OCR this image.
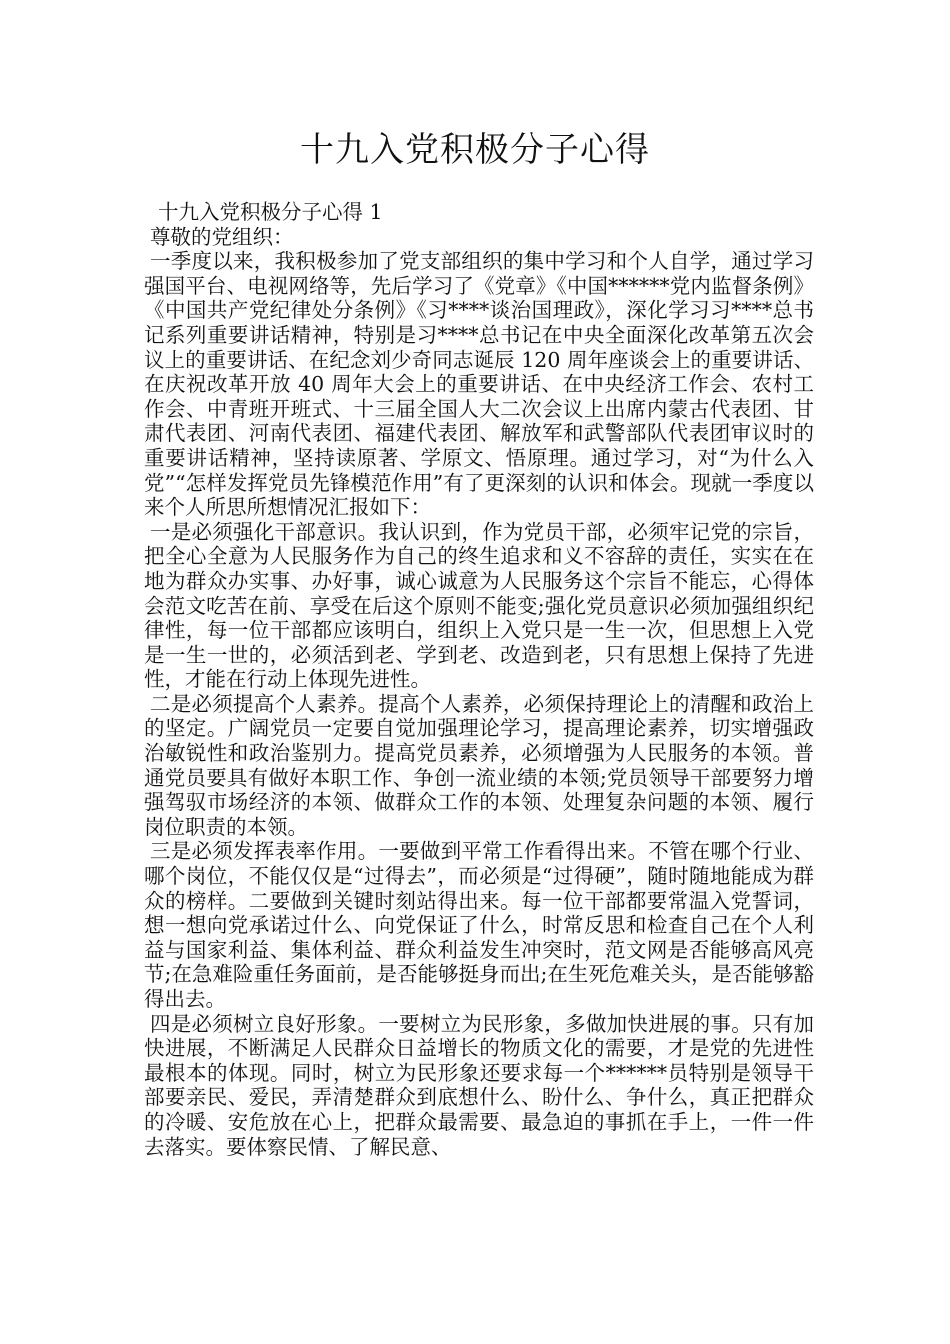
十九入党积极分子心得

十九入党积极分子心得 1

尊敬的党组织：

一季度以来，我积极参加了党支部组织的集中学习和个人自学，通过学习强国平台、电视网络等，先后学习了《党章》《中国******党内监督条例》《中国共产党纪律处分条例》《习****谈治国理政》，深化学习习****总书记系列重要讲话精神，特别是习****总书记在中央全面深化改革第五次会议上的重要讲话、在纪念刘少奇同志诞辰 120 周年座谈会上的重要讲话、在庆祝改革开放 40 周年大会上的重要讲话、在中央经济工作会、农村工作会、中青班开班式、十三届全国人大二次会议上出席内蒙古代表团、甘肃代表团、河南代表团、福建代表团、解放军和武警部队代表团审议时的重要讲话精神，坚持读原著、学原文、悟原理。通过学习，对“为什么入党”“怎样发挥党员先锋模范作用”有了更深刻的认识和体会。现就一季度以来个人所思所想情况汇报如下：

一是必须强化干部意识。我认识到，作为党员干部，必须牢记党的宗旨，把全心全意为人民服务作为自己的终生追求和义不容辞的责任，实实在在地为群众办实事、办好事，诚心诚意为人民服务这个宗旨不能忘，心得体会范文吃苦在前、享受在后这个原则不能变;强化党员意识必须加强组织纪律性，每一位干部都应该明白，组织上入党只是一生一次，但思想上入党是一生一世的，必须活到老、学到老、改造到老，只有思想上保持了先进性，才能在行动上体现先进性。

二是必须提高个人素养。提高个人素养，必须保持理论上的清醒和政治上的坚定。广阔党员一定要自觉加强理论学习，提高理论素养，切实增强政治敏锐性和政治鉴别力。提高党员素养，必须增强为人民服务的本领。普通党员要具有做好本职工作、争创一流业绩的本领;党员领导干部要努力增强驾驭市场经济的本领、做群众工作的本领、处理复杂问题的本领、履行岗位职责的本领。

三是必须发挥表率作用。一要做到平常工作看得出来。不管在哪个行业、哪个岗位，不能仅仅是“过得去”，而必须是“过得硬”，随时随地能成为群众的榜样。二要做到关键时刻站得出来。每一位干部都要常温入党誓词，想一想向党承诺过什么、向党保证了什么，时常反思和检查自己在个人利益与国家利益、集体利益、群众利益发生冲突时，范文网是否能够高风亮节;在急难险重任务面前，是否能够挺身而出;在生死危难关头，是否能够豁得出去。

四是必须树立良好形象。一要树立为民形象，多做加快进展的事。只有加快进展，不断满足人民群众日益增长的物质文化的需要，才是党的先进性最根本的体现。同时，树立为民形象还要求每一个******员特别是领导干部要亲民、爱民，弄清楚群众到底想什么、盼什么、争什么，真正把群众的冷暖、安危放在心上，把群众最需要、最急迫的事抓在手上，一件一件去落实。要体察民情、了解民意、
